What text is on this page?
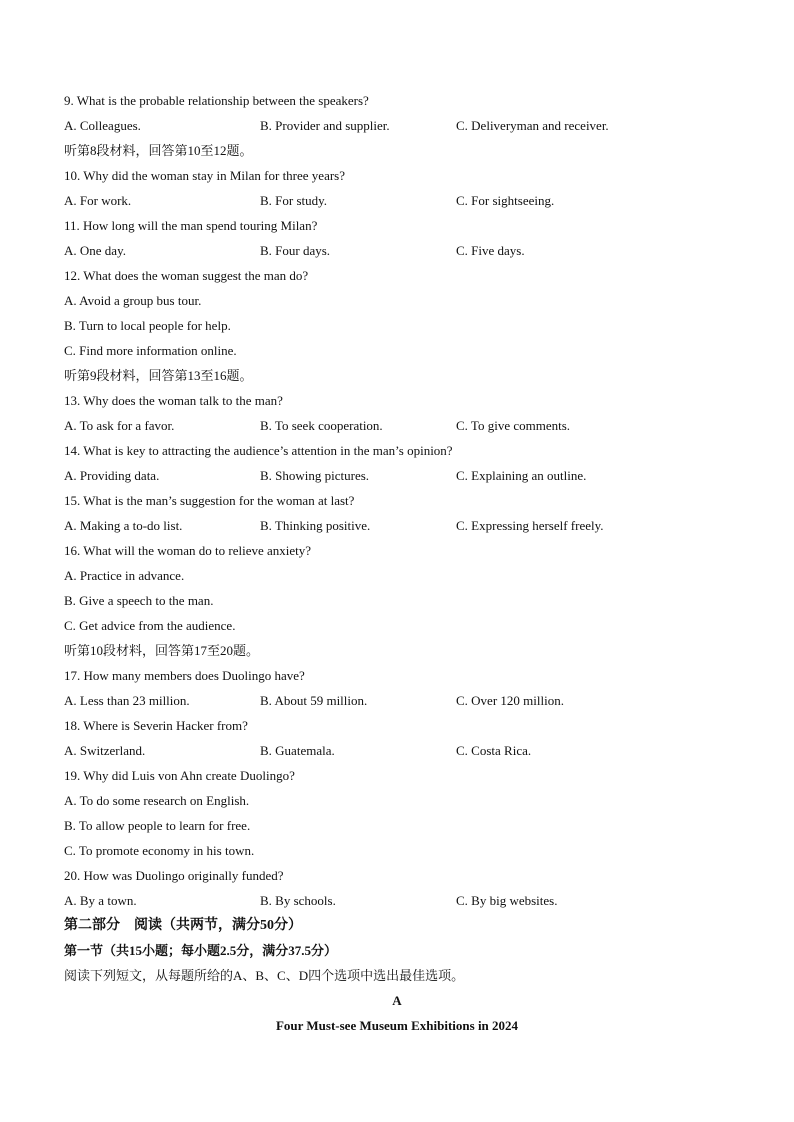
9. What is the probable relationship between the speakers?
A. Colleagues.	B. Provider and supplier.	C. Deliveryman and receiver.
听第8段材料，回答第10至12题。
10. Why did the woman stay in Milan for three years?
A. For work.	B. For study.	C. For sightseeing.
11. How long will the man spend touring Milan?
A. One day.	B. Four days.	C. Five days.
12. What does the woman suggest the man do?
A. Avoid a group bus tour.
B. Turn to local people for help.
C. Find more information online.
听第9段材料，回答第13至16题。
13. Why does the woman talk to the man?
A. To ask for a favor.	B. To seek cooperation.	C. To give comments.
14. What is key to attracting the audience’s attention in the man’s opinion?
A. Providing data.	B. Showing pictures.	C. Explaining an outline.
15. What is the man’s suggestion for the woman at last?
A. Making a to-do list.	B. Thinking positive.	C. Expressing herself freely.
16. What will the woman do to relieve anxiety?
A. Practice in advance.
B. Give a speech to the man.
C. Get advice from the audience.
听第10段材料，回答第17至20题。
17. How many members does Duolingo have?
A. Less than 23 million.	B. About 59 million.	C. Over 120 million.
18. Where is Severin Hacker from?
A. Switzerland.	B. Guatemala.	C. Costa Rica.
19. Why did Luis von Ahn create Duolingo?
A. To do some research on English.
B. To allow people to learn for free.
C. To promote economy in his town.
20. How was Duolingo originally funded?
A. By a town.	B. By schools.	C. By big websites.
第二部分　阅读（共两节，满分50分）
第一节（共15小题；每小题2.5分，满分37.5分）
阅读下列短文，从每题所给的A、B、C、D四个选项中选出最佳选项。
A
Four Must-see Museum Exhibitions in 2024
